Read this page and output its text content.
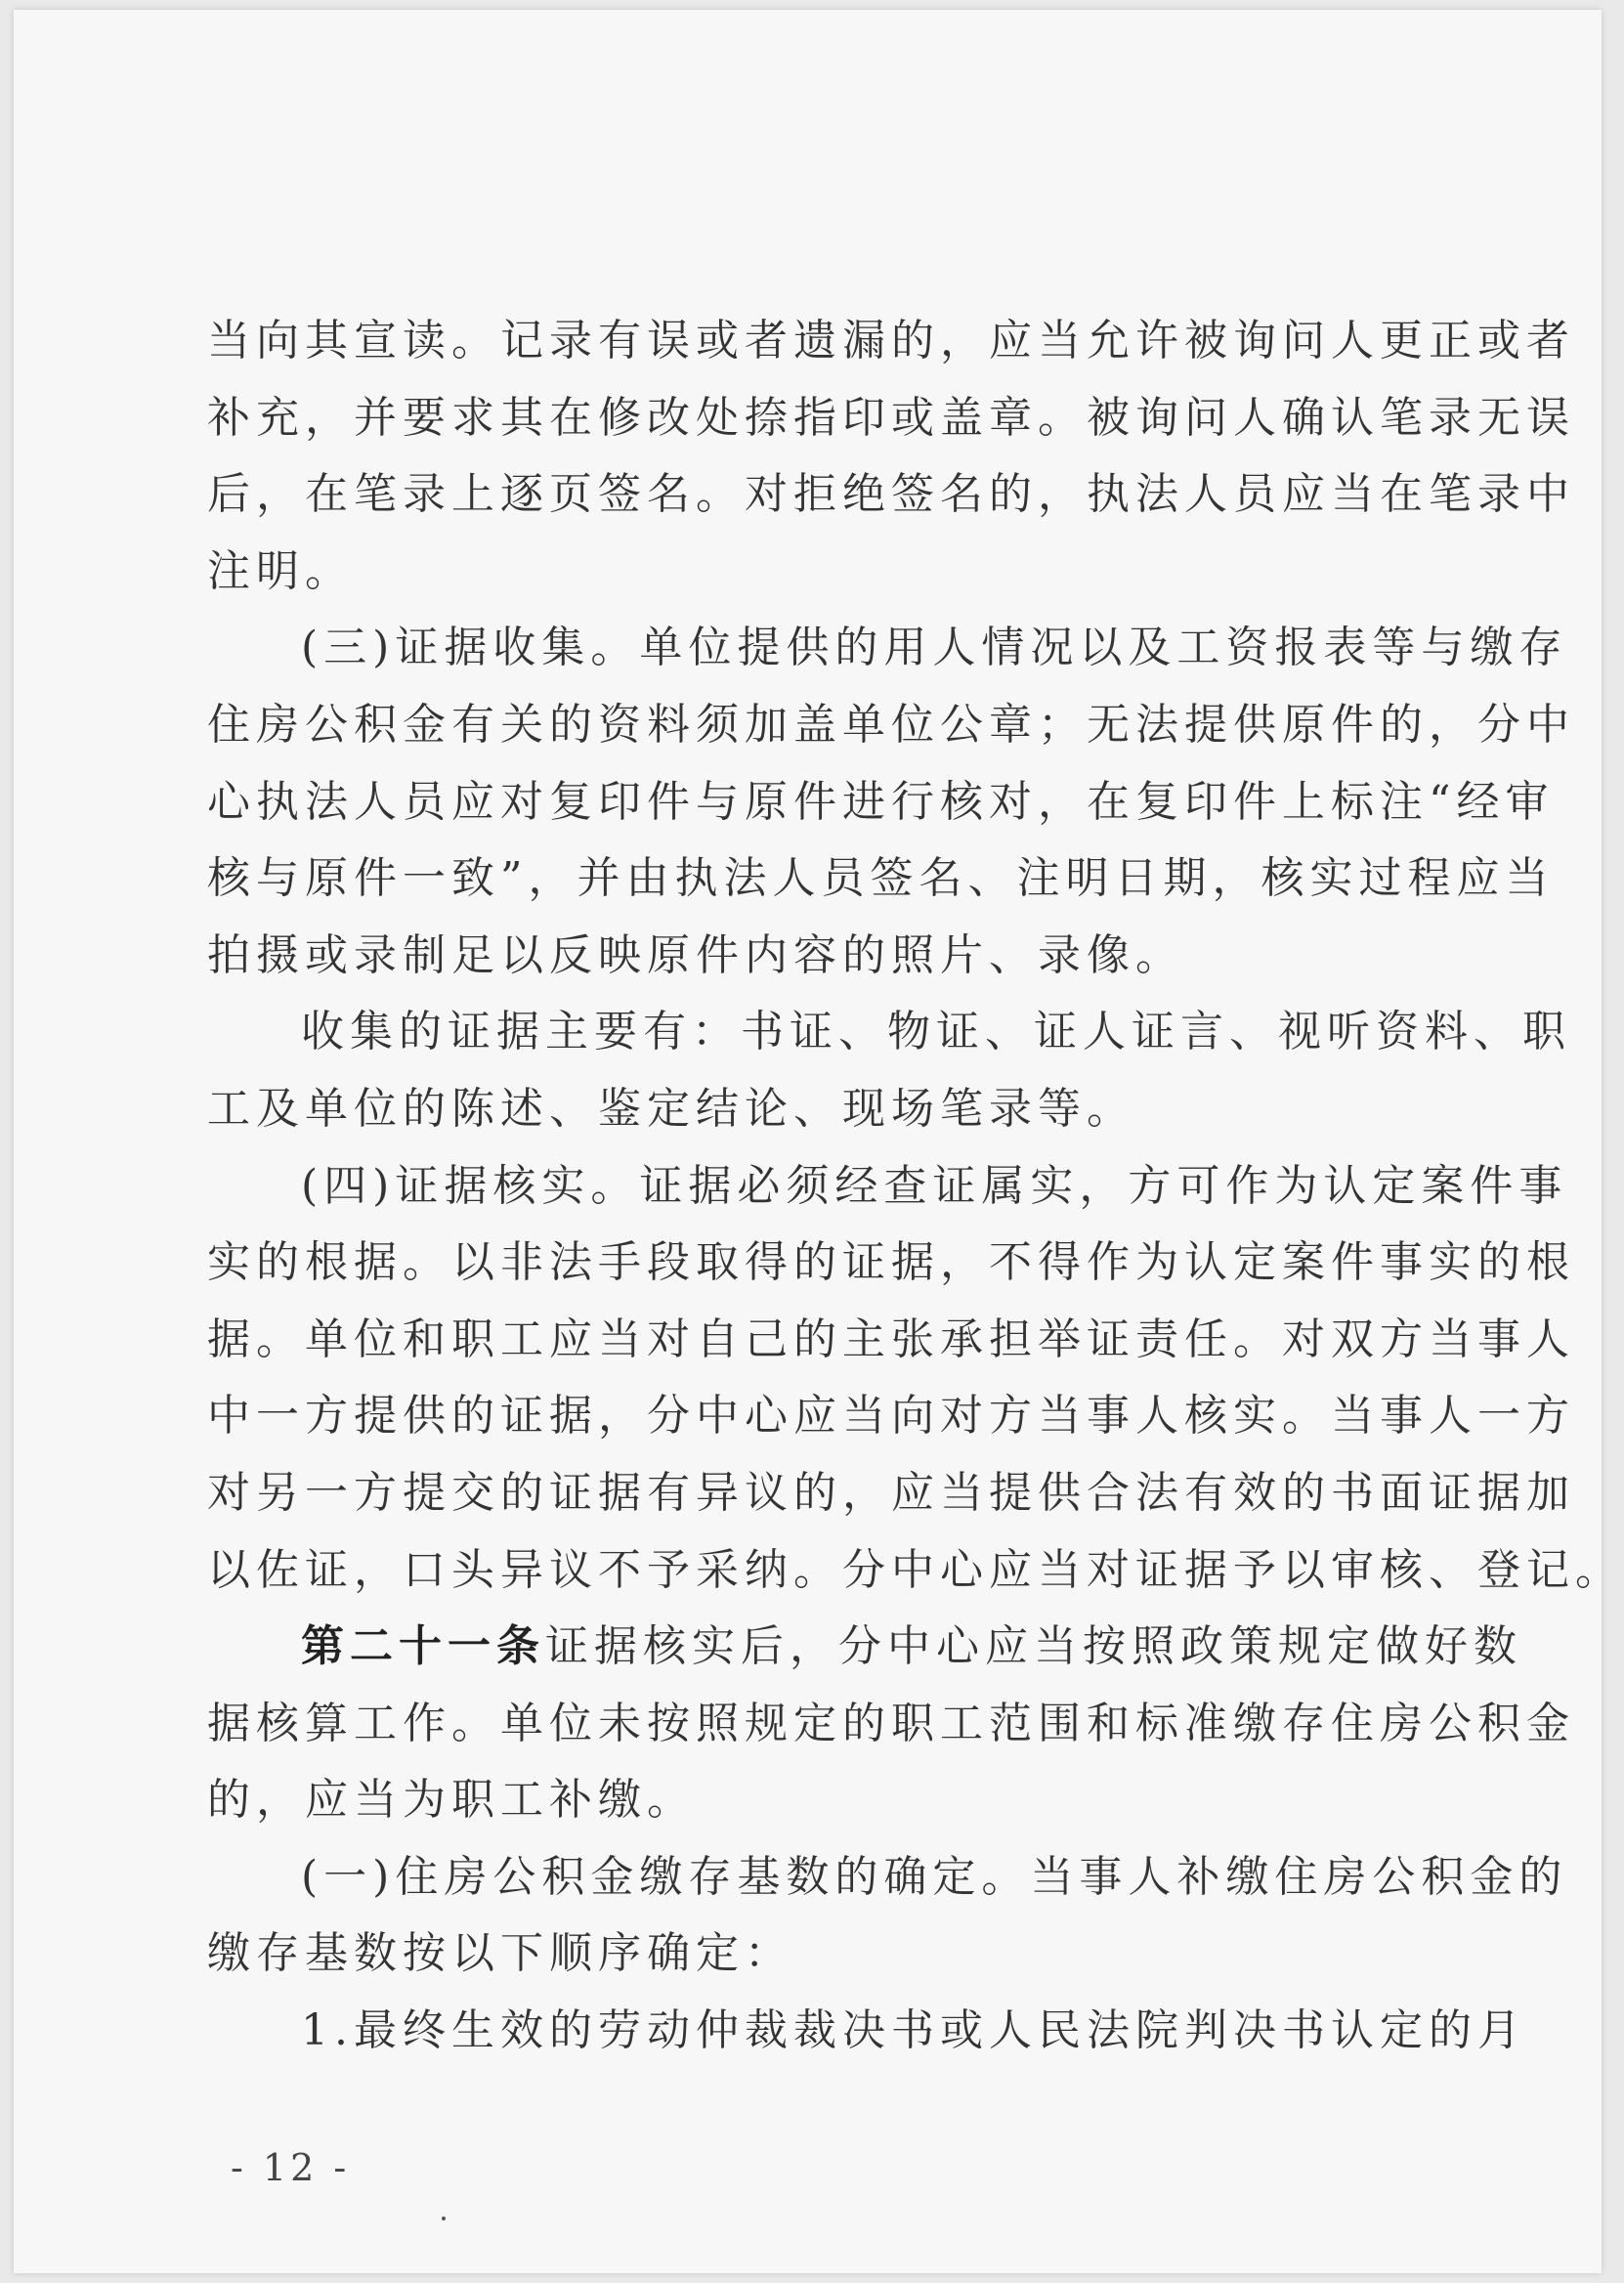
当向其宣读。记录有误或者遗漏的，应当允许被询问人更正或者
补充，并要求其在修改处捺指印或盖章。被询问人确认笔录无误
后，在笔录上逐页签名。对拒绝签名的，执法人员应当在笔录中
注明。
(三)证据收集。单位提供的用人情况以及工资报表等与缴存
住房公积金有关的资料须加盖单位公章；无法提供原件的，分中
心执法人员应对复印件与原件进行核对，在复印件上标注“经审
核与原件一致”，并由执法人员签名、注明日期，核实过程应当
拍摄或录制足以反映原件内容的照片、录像。
收集的证据主要有：书证、物证、证人证言、视听资料、职
工及单位的陈述、鉴定结论、现场笔录等。
(四)证据核实。证据必须经查证属实，方可作为认定案件事
实的根据。以非法手段取得的证据，不得作为认定案件事实的根
据。单位和职工应当对自己的主张承担举证责任。对双方当事人
中一方提供的证据，分中心应当向对方当事人核实。当事人一方
对另一方提交的证据有异议的，应当提供合法有效的书面证据加
以佐证，口头异议不予采纳。分中心应当对证据予以审核、登记。
第二十一条证据核实后，分中心应当按照政策规定做好数
据核算工作。单位未按照规定的职工范围和标准缴存住房公积金
的，应当为职工补缴。
(一)住房公积金缴存基数的确定。当事人补缴住房公积金的
缴存基数按以下顺序确定：
1.最终生效的劳动仲裁裁决书或人民法院判决书认定的月
- 12 -
